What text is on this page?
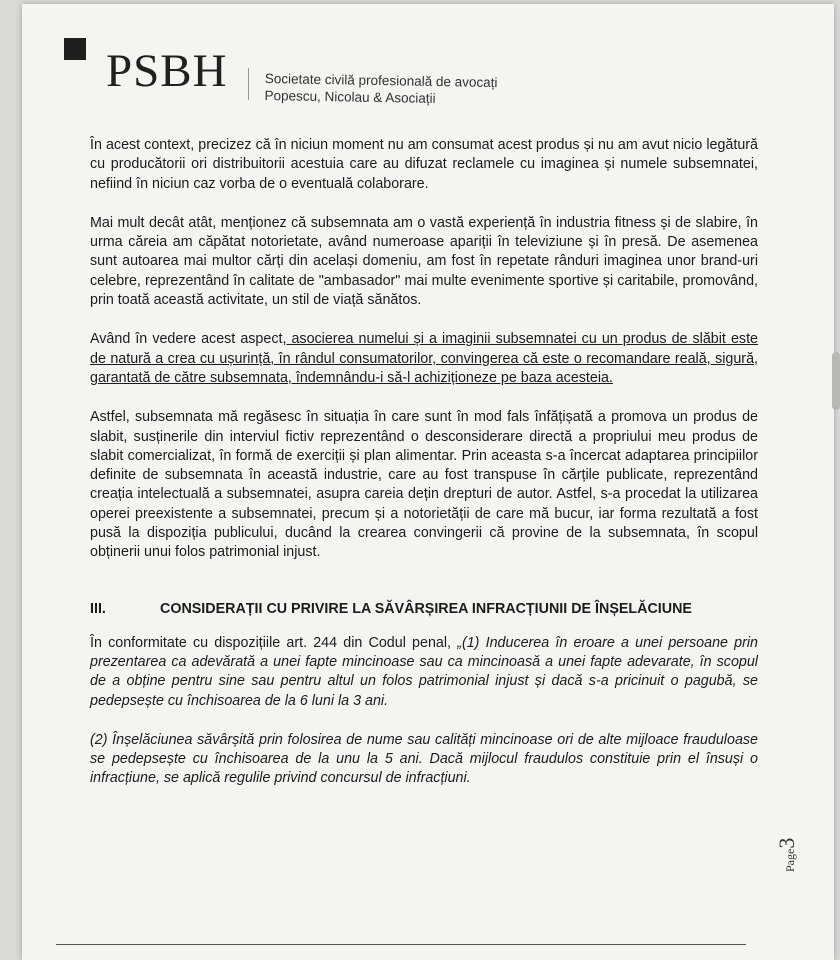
PSBH	Societate civilă profesională de avocați
Popescu, Nicolau & Asociații

În acest context, precizez că în niciun moment nu am consumat acest produs și nu am avut nicio legătură cu producătorii ori distribuitorii acestuia care au difuzat reclamele cu imaginea și numele subsemnatei, nefiind în niciun caz vorba de o eventuală colaborare.

Mai mult decât atât, menționez că subsemnata am o vastă experiență în industria fitness și de slabire, în urma căreia am căpătat notorietate, având numeroase apariții în televiziune și în presă. De asemenea sunt autoarea mai multor cărți din același domeniu, am fost în repetate rânduri imaginea unor brand-uri celebre, reprezentând în calitate de "ambasador" mai multe evenimente sportive și caritabile, promovând, prin toată această activitate, un stil de viață sănătos.

Având în vedere acest aspect, asocierea numelui și a imaginii subsemnatei cu un produs de slăbit este de natură a crea cu ușurință, în rândul consumatorilor, convingerea că este o recomandare reală, sigură, garantată de către subsemnata, îndemnându-i să-l achiziționeze pe baza acesteia.

Astfel, subsemnata mă regăsesc în situația în care sunt în mod fals înfățișată a promova un produs de slabit, susținerile din interviul fictiv reprezentând o desconsiderare directă a propriului meu produs de slabit comercializat, în formă de exerciții și plan alimentar. Prin aceasta s-a încercat adaptarea principiilor definite de subsemnata în această industrie, care au fost transpuse în cărțile publicate, reprezentând creația intelectuală a subsemnatei, asupra careia dețin drepturi de autor. Astfel, s-a procedat la utilizarea operei preexistente a subsemnatei, precum și a notorietății de care mă bucur, iar forma rezultată a fost pusă la dispoziția publicului, ducând la crearea convingerii că provine de la subsemnata, în scopul obținerii unui folos patrimonial injust.

III.	CONSIDERAȚII CU PRIVIRE LA SĂVÂRȘIREA INFRACȚIUNII DE ÎNȘELĂCIUNE

În conformitate cu dispozițiile art. 244 din Codul penal, „(1) Inducerea în eroare a unei persoane prin prezentarea ca adevărată a unei fapte mincinoase sau ca mincinoasă a unei fapte adevarate, în scopul de a obține pentru sine sau pentru altul un folos patrimonial injust și dacă s-a pricinuit o pagubă, se pedepsește cu închisoarea de la 6 luni la 3 ani.

(2) Înșelăciunea săvârșită prin folosirea de nume sau calități mincinoase ori de alte mijloace frauduloase se pedepsește cu închisoarea de la unu la 5 ani. Dacă mijlocul fraudulos constituie prin el însuși o infracțiune, se aplică regulile privind concursul de infracțiuni.

Page3
